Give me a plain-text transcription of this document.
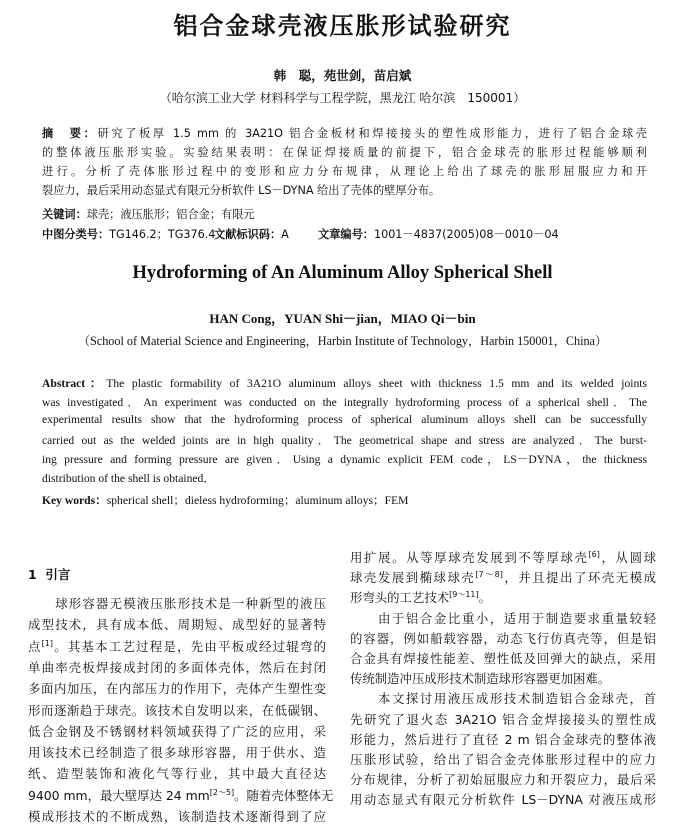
铝合金球壳液压胀形试验研究
韩　聪，苑世剑，苗启斌
（哈尔滨工业大学 材料科学与工程学院，黑龙江 哈尔滨　150001）
摘　要：研究了板厚 1.5 mm 的 3A21O 铝合金板材和焊接接头的塑性成形能力，进行了铝合金球壳
的整体液压胀形实验。实验结果表明：在保证焊接质量的前提下，铝合金球壳的胀形过程能够顺利
进行。分析了壳体胀形过程中的变形和应力分布规律，从理论上给出了球壳的胀形屈服应力和开
裂应力，最后采用动态显式有限元分析软件 LS－DYNA 给出了壳体的壁厚分布。
关键词：球壳；液压胀形；铝合金；有限元
中图分类号：TG146.2；TG376.4
文献标识码：A	文章编号：1001－4837(2005)08－0010－04
Hydroforming of An Aluminum Alloy Spherical Shell
HAN Cong，YUAN Shi－jian，MIAO Qi－bin
（School of Material Science and Engineering，Harbin Institute of Technology，Harbin 150001，China）
Abstract：The plastic formability of 3A21O aluminum alloys sheet with thickness 1.5 mm and its welded joints
was investigated．An experiment was conducted on the integrally hydroforming process of a spherical shell．The
experimental results show that the hydroforming process of spherical aluminum alloys shell can be successfully
carried out as the welded joints are in high quality．The geometrical shape and stress are analyzed．The burst-
ing pressure and forming pressure are given．Using a dynamic explicit FEM code，LS－DYNA，the thickness
distribution of the shell is obtained．
Key words：spherical shell；dieless hydroforming；aluminum alloys；FEM
1 引言
　　球形容器无模液压胀形技术是一种新型的液压
成型技术，具有成本低、周期短、成型好的显著特
点[1]。其基本工艺过程是，先由平板或经过辊弯的
单曲率壳板焊接成封闭的多面体壳体，然后在封闭
多面内加压，在内部压力的作用下，壳体产生塑性变
形而逐渐趋于球壳。该技术自发明以来，在低碳钢、
低合金钢及不锈钢材料领域获得了广泛的应用，采
用该技术已经制造了很多球形容器，用于供水、造
纸、造型装饰和液化气等行业，其中最大直径达
9400 mm，最大壁厚达 24 mm[2～5]。随着壳体整体无
模成形技术的不断成熟，该制造技术逐渐得到了应
用扩展。从等厚球壳发展到不等厚球壳[6]，从圆球
球壳发展到椭球球壳[7～8]，并且提出了环壳无模成
形弯头的工艺技术[9～11]。
　　由于铝合金比重小，适用于制造要求重量较轻
的容器，例如船载容器，动态飞行仿真壳等，但是铝
合金具有焊接性能差、塑性低及回弹大的缺点，采用
传统制造冲压成形技术制造球形容器更加困难。
　　本文探讨用液压成形技术制造铝合金球壳，首
先研究了退火态 3A21O 铝合金焊接接头的塑性成
形能力，然后进行了直径 2 m 铝合金球壳的整体液
压胀形试验，给出了铝合金壳体胀形过程中的应力
分布规律，分析了初始屈服应力和开裂应力，最后采
用动态显式有限元分析软件 LS－DYNA 对液压成形
